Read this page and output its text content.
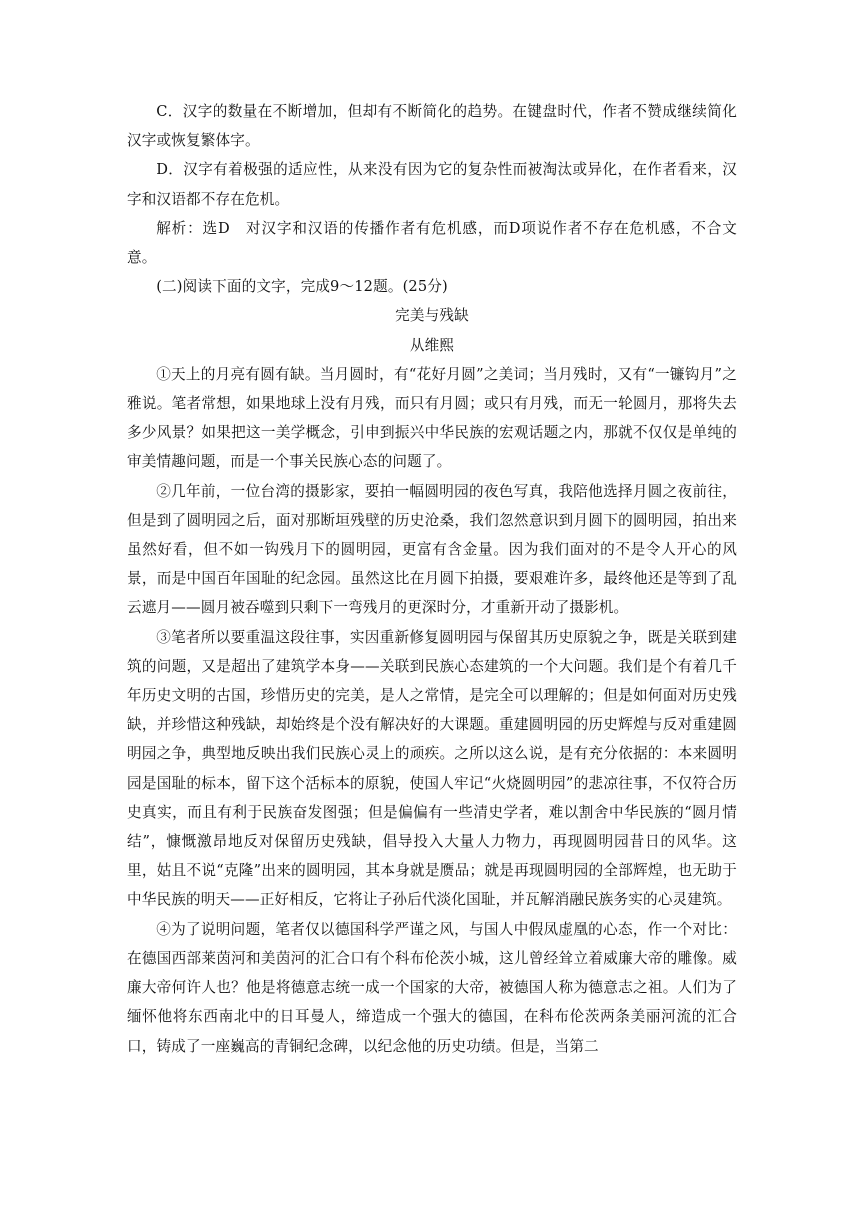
C．汉字的数量在不断增加，但却有不断简化的趋势。在键盘时代，作者不赞成继续简化汉字或恢复繁体字。

D．汉字有着极强的适应性，从来没有因为它的复杂性而被淘汰或异化，在作者看来，汉字和汉语都不存在危机。

解析：选D　对汉字和汉语的传播作者有危机感，而D项说作者不存在危机感，不合文意。

(二)阅读下面的文字，完成9～12题。(25分)

完美与残缺

从维熙

①天上的月亮有圆有缺。当月圆时，有“花好月圆”之美词；当月残时，又有“一镰钩月”之雅说。笔者常想，如果地球上没有月残，而只有月圆；或只有月残，而无一轮圆月，那将失去多少风景？如果把这一美学概念，引申到振兴中华民族的宏观话题之内，那就不仅仅是单纯的审美情趣问题，而是一个事关民族心态的问题了。

②几年前，一位台湾的摄影家，要拍一幅圆明园的夜色写真，我陪他选择月圆之夜前往，但是到了圆明园之后，面对那断垣残壁的历史沧桑，我们忽然意识到月圆下的圆明园，拍出来虽然好看，但不如一钩残月下的圆明园，更富有含金量。因为我们面对的不是令人开心的风景，而是中国百年国耻的纪念园。虽然这比在月圆下拍摄，要艰难许多，最终他还是等到了乱云遮月——圆月被吞噬到只剩下一弯残月的更深时分，才重新开动了摄影机。

③笔者所以要重温这段往事，实因重新修复圆明园与保留其历史原貌之争，既是关联到建筑的问题，又是超出了建筑学本身——关联到民族心态建筑的一个大问题。我们是个有着几千年历史文明的古国，珍惜历史的完美，是人之常情，是完全可以理解的；但是如何面对历史残缺，并珍惜这种残缺，却始终是个没有解决好的大课题。重建圆明园的历史辉煌与反对重建圆明园之争，典型地反映出我们民族心灵上的顽疾。之所以这么说，是有充分依据的：本来圆明园是国耻的标本，留下这个活标本的原貌，使国人牢记“火烧圆明园”的悲凉往事，不仅符合历史真实，而且有利于民族奋发图强；但是偏偏有一些清史学者，难以割舍中华民族的“圆月情结”，慷慨激昂地反对保留历史残缺，倡导投入大量人力物力，再现圆明园昔日的风华。这里，姑且不说“克隆”出来的圆明园，其本身就是赝品；就是再现圆明园的全部辉煌，也无助于中华民族的明天——正好相反，它将让子孙后代淡化国耻，并瓦解消融民族务实的心灵建筑。

④为了说明问题，笔者仅以德国科学严谨之风，与国人中假凤虚凰的心态，作一个对比：在德国西部莱茵河和美茵河的汇合口有个科布伦茨小城，这儿曾经耸立着威廉大帝的雕像。威廉大帝何许人也？他是将德意志统一成一个国家的大帝，被德国人称为德意志之祖。人们为了缅怀他将东西南北中的日耳曼人，缔造成一个强大的德国，在科布伦茨两条美丽河流的汇合口，铸成了一座巍高的青铜纪念碑，以纪念他的历史功绩。但是，当第二
